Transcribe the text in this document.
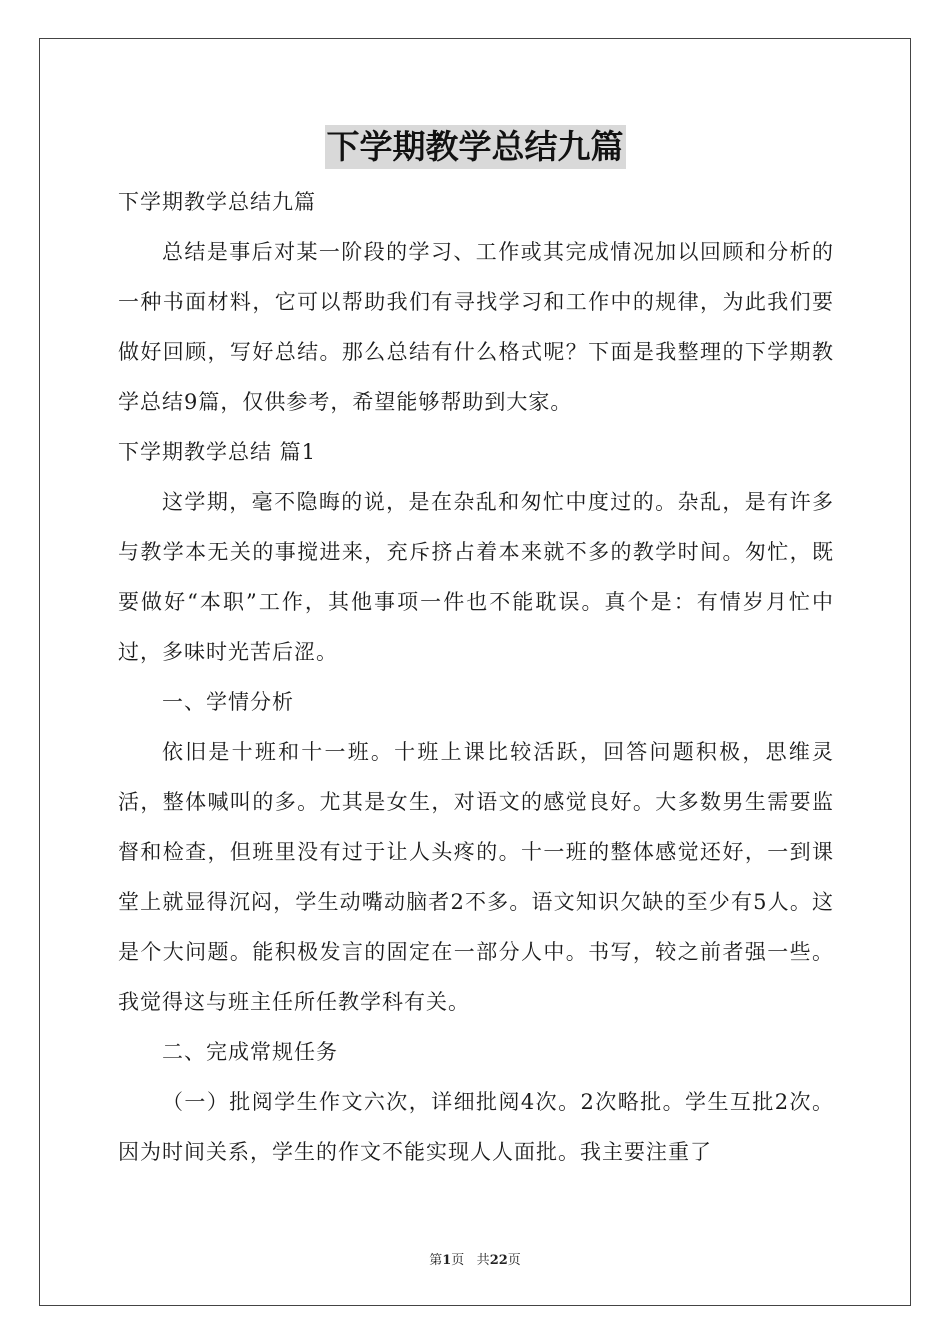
下学期教学总结九篇

下学期教学总结九篇

总结是事后对某一阶段的学习、工作或其完成情况加以回顾和分析的一种书面材料，它可以帮助我们有寻找学习和工作中的规律，为此我们要做好回顾，写好总结。那么总结有什么格式呢？下面是我整理的下学期教学总结9篇，仅供参考，希望能够帮助到大家。

下学期教学总结 篇1

这学期，毫不隐晦的说，是在杂乱和匆忙中度过的。杂乱，是有许多与教学本无关的事搅进来，充斥挤占着本来就不多的教学时间。匆忙，既要做好“本职”工作，其他事项一件也不能耽误。真个是：有情岁月忙中过，多味时光苦后涩。

一、学情分析

依旧是十班和十一班。十班上课比较活跃，回答问题积极，思维灵活，整体喊叫的多。尤其是女生，对语文的感觉良好。大多数男生需要监督和检查，但班里没有过于让人头疼的。十一班的整体感觉还好，一到课堂上就显得沉闷，学生动嘴动脑者2不多。语文知识欠缺的至少有5人。这是个大问题。能积极发言的固定在一部分人中。书写，较之前者强一些。我觉得这与班主任所任教学科有关。

二、完成常规任务

（一）批阅学生作文六次，详细批阅4次。2次略批。学生互批2次。因为时间关系，学生的作文不能实现人人面批。我主要注重了

第1页 共22页
